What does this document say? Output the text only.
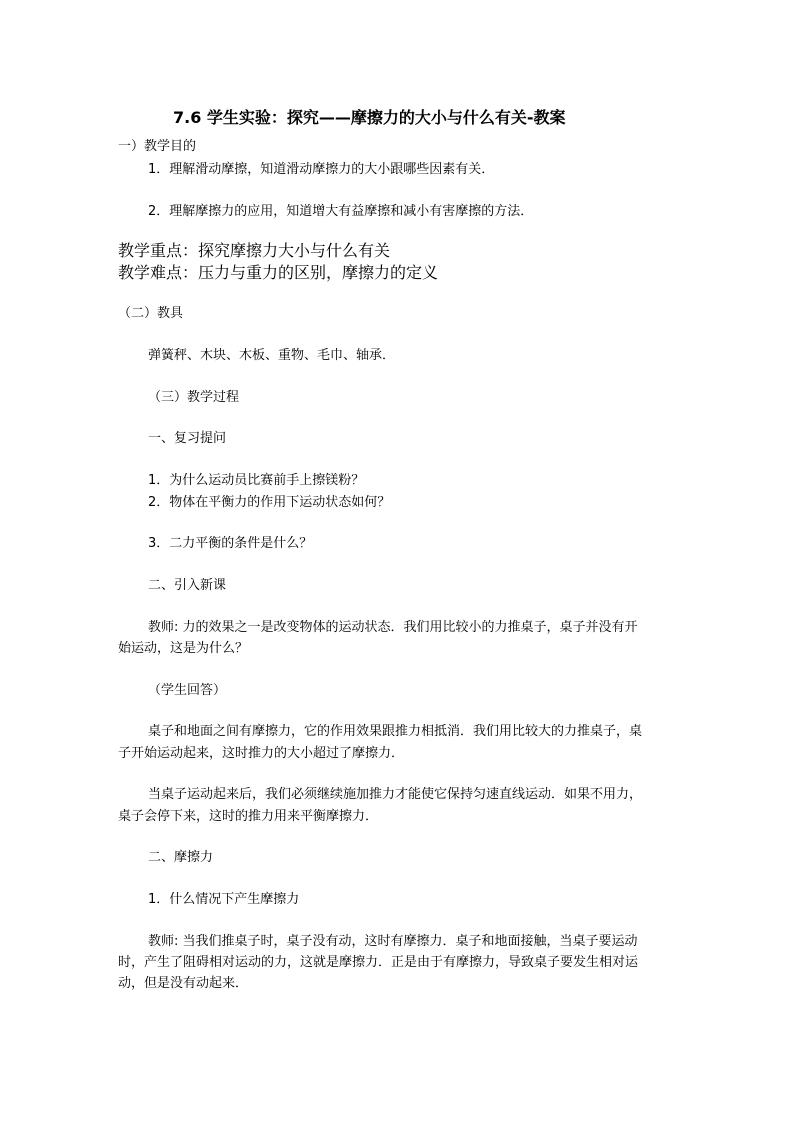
7.6 学生实验：探究——摩擦力的大小与什么有关-教案

一）教学目的

1．理解滑动摩擦，知道滑动摩擦力的大小跟哪些因素有关．

2．理解摩擦力的应用，知道增大有益摩擦和减小有害摩擦的方法．

教学重点：探究摩擦力大小与什么有关

教学难点：压力与重力的区别，摩擦力的定义

（二）教具

弹簧秤、木块、木板、重物、毛巾、轴承．

（三）教学过程

一、复习提问

1．为什么运动员比赛前手上擦镁粉？

2．物体在平衡力的作用下运动状态如何？

3．二力平衡的条件是什么？

二、引入新课

教师: 力的效果之一是改变物体的运动状态．我们用比较小的力推桌子，桌子并没有开

始运动，这是为什么？

（学生回答）

桌子和地面之间有摩擦力，它的作用效果跟推力相抵消．我们用比较大的力推桌子，桌

子开始运动起来，这时推力的大小超过了摩擦力．

当桌子运动起来后，我们必须继续施加推力才能使它保持匀速直线运动．如果不用力，

桌子会停下来，这时的推力用来平衡摩擦力．

二、摩擦力

1．什么情况下产生摩擦力

教师: 当我们推桌子时，桌子没有动，这时有摩擦力．桌子和地面接触，当桌子要运动

时，产生了阻碍相对运动的力，这就是摩擦力．正是由于有摩擦力，导致桌子要发生相对运

动，但是没有动起来．
